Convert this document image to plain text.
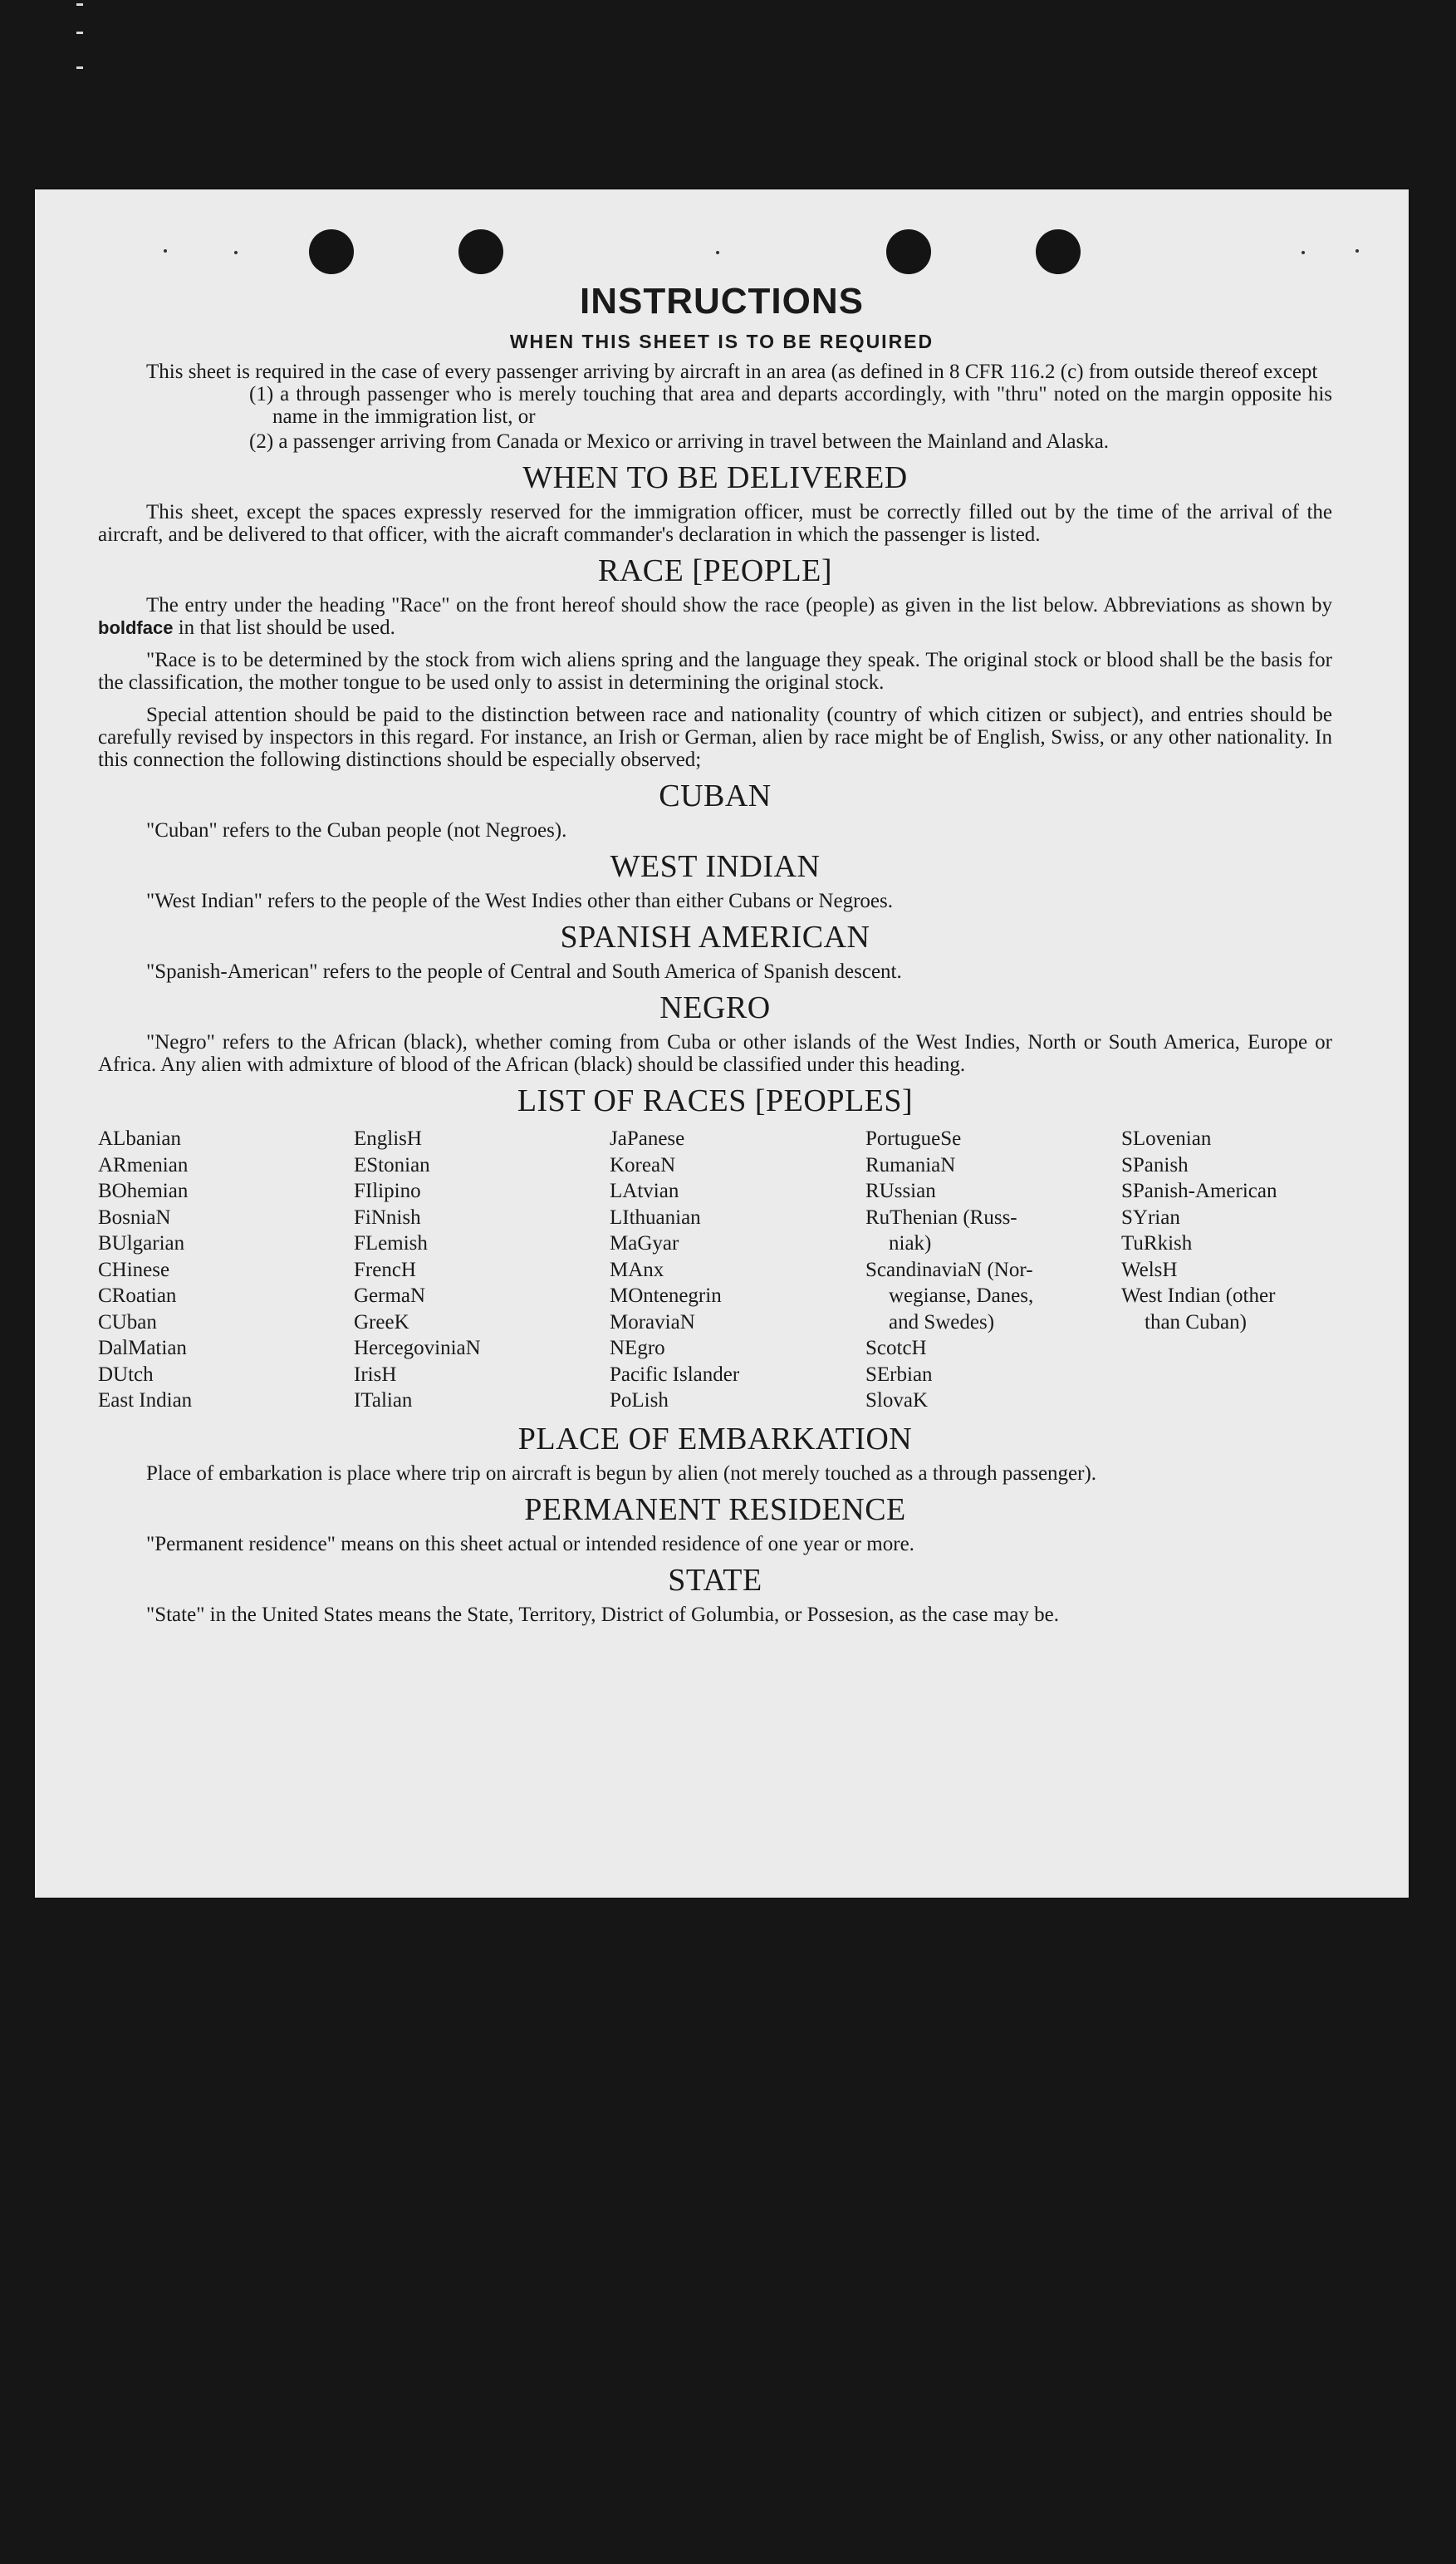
INSTRUCTIONS
WHEN THIS SHEET IS TO BE REQUIRED

This sheet is required in the case of every passenger arriving by aircraft in an area (as defined in 8 CFR 116.2 (c) from outside thereof except

(1) a through passenger who is merely touching that area and departs accordingly, with "thru" noted on the margin opposite his name in the immigration list, or

(2) a passenger arriving from Canada or Mexico or arriving in travel between the Mainland and Alaska.

WHEN TO BE DELIVERED

This sheet, except the spaces expressly reserved for the immigration officer, must be correctly filled out by the time of the arrival of the aircraft, and be delivered to that officer, with the aicraft commander's declaration in which the passenger is listed.

RACE [PEOPLE]

The entry under the heading "Race" on the front hereof should show the race (people) as given in the list below. Abbreviations as shown by boldface in that list should be used.

"Race is to be determined by the stock from wich aliens spring and the language they speak. The original stock or blood shall be the basis for the classification, the mother tongue to be used only to assist in determining the original stock.

Special attention should be paid to the distinction between race and nationality (country of which citizen or subject), and entries should be carefully revised by inspectors in this regard. For instance, an Irish or German, alien by race might be of English, Swiss, or any other nationality. In this connection the following distinctions should be especially observed;

CUBAN

"Cuban" refers to the Cuban people (not Negroes).

WEST INDIAN

"West Indian" refers to the people of the West Indies other than either Cubans or Negroes.

SPANISH AMERICAN

"Spanish-American" refers to the people of Central and South America of Spanish descent.

NEGRO

"Negro" refers to the African (black), whether coming from Cuba or other islands of the West Indies, North or South America, Europe or Africa. Any alien with admixture of blood of the African (black) should be classified under this heading.

LIST OF RACES [PEOPLES]
ALbanian
ARmenian
BOhemian
BosniaN
BUlgarian
CHinese
CRoatian
CUban
DalMatian
DUtch
East Indian
EnglisH
EStonian
FIlipino
FiNnish
FLemish
FrencH
GermaN
GreeK
HercegoviniaN
IrisH
ITalian
JaPanese
KoreaN
LAtvian
LIthuanian
MaGyar
MAnx
MOntenegrin
MoraviaN
NEgro
Pacific Islander
PoLish
PortugueSe
RumaniaN
RUssian
RuThenian (Russ-
niak)
ScandinaviaN (Nor-
wegianse, Danes,
and Swedes)
ScotcH
SErbian
SlovaK
SLovenian
SPanish
SPanish-American
SYrian
TuRkish
WelsH
West Indian (other
than Cuban)
PLACE OF EMBARKATION

Place of embarkation is place where trip on aircraft is begun by alien (not merely touched as a through passenger).

PERMANENT RESIDENCE

"Permanent residence" means on this sheet actual or intended residence of one year or more.

STATE

"State" in the United States means the State, Territory, District of Golumbia, or Possesion, as the case may be.
